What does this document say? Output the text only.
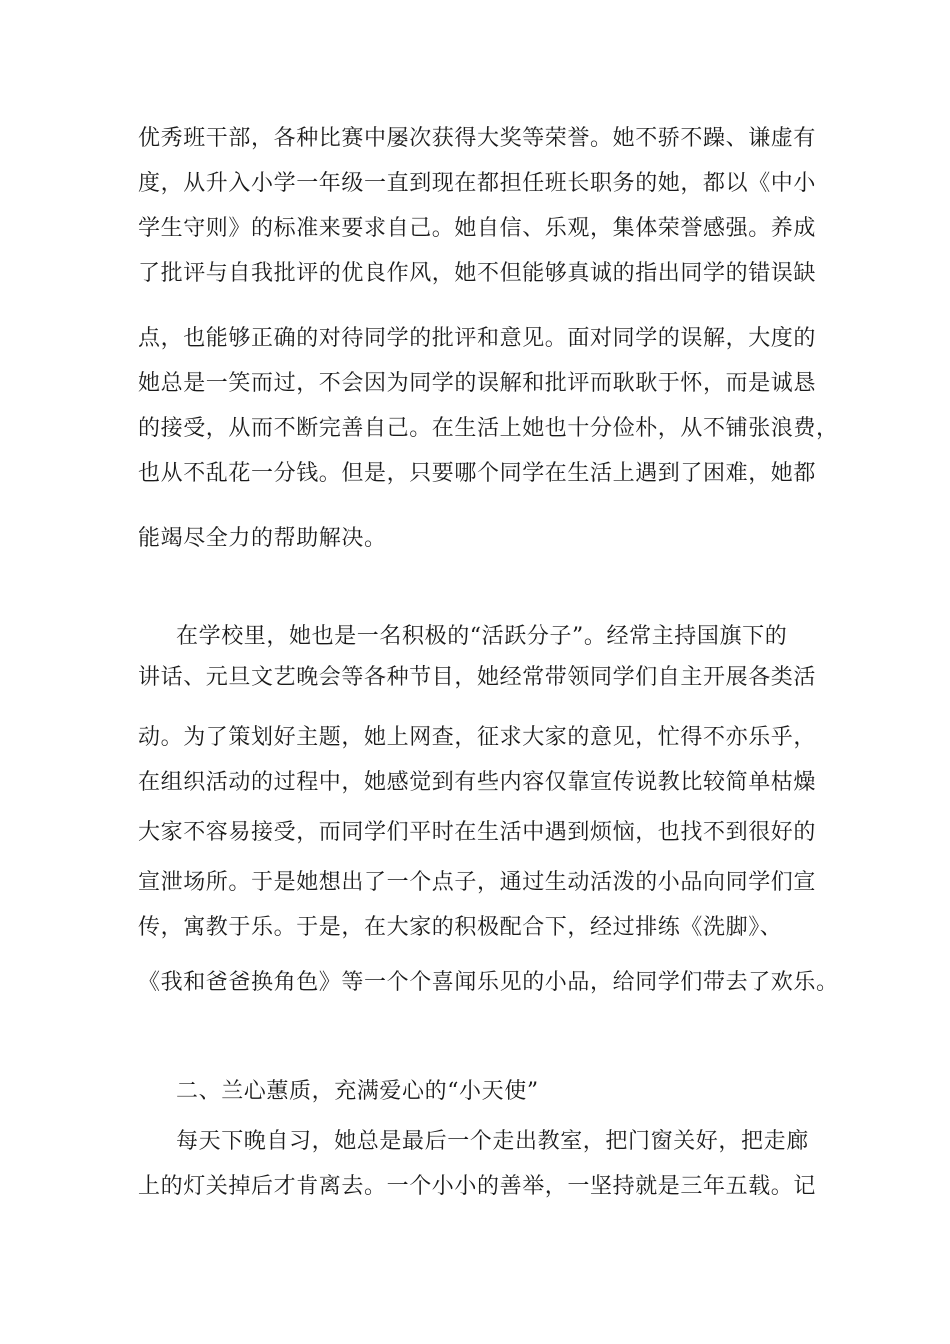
优秀班干部，各种比赛中屡次获得大奖等荣誉。她不骄不躁、谦虚有
度，从升入小学一年级一直到现在都担任班长职务的她，都以《中小
学生守则》的标准来要求自己。她自信、乐观，集体荣誉感强。养成
了批评与自我批评的优良作风，她不但能够真诚的指出同学的错误缺
点，也能够正确的对待同学的批评和意见。面对同学的误解，大度的
她总是一笑而过，不会因为同学的误解和批评而耿耿于怀，而是诚恳
的接受，从而不断完善自己。在生活上她也十分俭朴，从不铺张浪费，
也从不乱花一分钱。但是，只要哪个同学在生活上遇到了困难，她都
能竭尽全力的帮助解决。
在学校里，她也是一名积极的“活跃分子”。经常主持国旗下的
讲话、元旦文艺晚会等各种节目，她经常带领同学们自主开展各类活
动。为了策划好主题，她上网查，征求大家的意见，忙得不亦乐乎，
在组织活动的过程中，她感觉到有些内容仅靠宣传说教比较简单枯燥
大家不容易接受，而同学们平时在生活中遇到烦恼，也找不到很好的
宣泄场所。于是她想出了一个点子，通过生动活泼的小品向同学们宣
传，寓教于乐。于是，在大家的积极配合下，经过排练《洗脚》、
《我和爸爸换角色》等一个个喜闻乐见的小品，给同学们带去了欢乐。
二、兰心蕙质，充满爱心的“小天使”
每天下晚自习，她总是最后一个走出教室，把门窗关好，把走廊
上的灯关掉后才肯离去。一个小小的善举，一坚持就是三年五载。记
